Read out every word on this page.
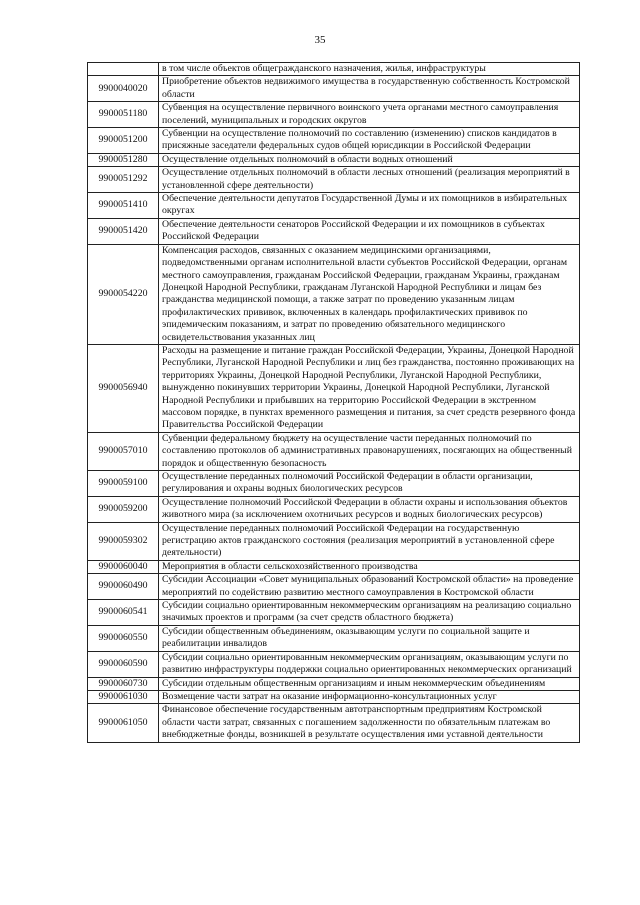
35
	в том числе объектов общегражданского назначения, жилья, инфраструктуры
9900040020	Приобретение объектов недвижимого имущества в государственную собственность Костромской области
9900051180	Субвенция на осуществление первичного воинского учета органами местного самоуправления поселений, муниципальных и городских округов
9900051200	Субвенции на осуществление полномочий по составлению (изменению) списков кандидатов в присяжные заседатели федеральных судов общей юрисдикции в Российской Федерации
9900051280	Осуществление отдельных полномочий в области водных отношений
9900051292	Осуществление отдельных полномочий в области лесных отношений (реализация мероприятий в установленной сфере деятельности)
9900051410	Обеспечение деятельности депутатов Государственной Думы и их помощников в избирательных округах
9900051420	Обеспечение деятельности сенаторов Российской Федерации и их помощников в субъектах Российской Федерации
9900054220	Компенсация расходов, связанных с оказанием медицинскими организациями, подведомственными органам исполнительной власти субъектов Российской Федерации, органам местного самоуправления, гражданам Российской Федерации, гражданам Украины, гражданам Донецкой Народной Республики, гражданам Луганской Народной Республики и лицам без гражданства медицинской помощи, а также затрат по проведению указанным лицам профилактических прививок, включенных в календарь профилактических прививок по эпидемическим показаниям, и затрат по проведению обязательного медицинского освидетельствования указанных лиц
9900056940	Расходы на размещение и питание граждан Российской Федерации, Украины, Донецкой Народной Республики, Луганской Народной Республики и лиц без гражданства, постоянно проживающих на территориях Украины, Донецкой Народной Республики, Луганской Народной Республики, вынужденно покинувших территории Украины, Донецкой Народной Республики, Луганской Народной Республики и прибывших на территорию Российской Федерации в экстренном массовом порядке, в пунктах временного размещения и питания, за счет средств резервного фонда Правительства Российской Федерации
9900057010	Субвенции федеральному бюджету на осуществление части переданных полномочий по составлению протоколов об административных правонарушениях, посягающих на общественный порядок и общественную безопасность
9900059100	Осуществление переданных полномочий Российской Федерации в области организации, регулирования и охраны водных биологических ресурсов
9900059200	Осуществление полномочий Российской Федерации в области охраны и использования объектов животного мира (за исключением охотничьих ресурсов и водных биологических ресурсов)
9900059302	Осуществление переданных полномочий Российской Федерации на государственную регистрацию актов гражданского состояния (реализация мероприятий в установленной сфере деятельности)
9900060040	Мероприятия в области сельскохозяйственного производства
9900060490	Субсидии Ассоциации «Совет муниципальных образований Костромской области» на проведение мероприятий по содействию развитию местного самоуправления в Костромской области
9900060541	Субсидии социально ориентированным некоммерческим организациям на реализацию социально значимых проектов и программ (за счет средств областного бюджета)
9900060550	Субсидии общественным объединениям, оказывающим услуги по социальной защите и реабилитации инвалидов
9900060590	Субсидии социально ориентированным некоммерческим организациям, оказывающим услуги по развитию инфраструктуры поддержки социально ориентированных некоммерческих организаций
9900060730	Субсидии отдельным общественным организациям и иным некоммерческим объединениям
9900061030	Возмещение части затрат на оказание информационно-консультационных услуг
9900061050	Финансовое обеспечение государственным автотранспортным предприятиям Костромской области части затрат, связанных с погашением задолженности по обязательным платежам во внебюджетные фонды, возникшей в результате осуществления ими уставной деятельности
